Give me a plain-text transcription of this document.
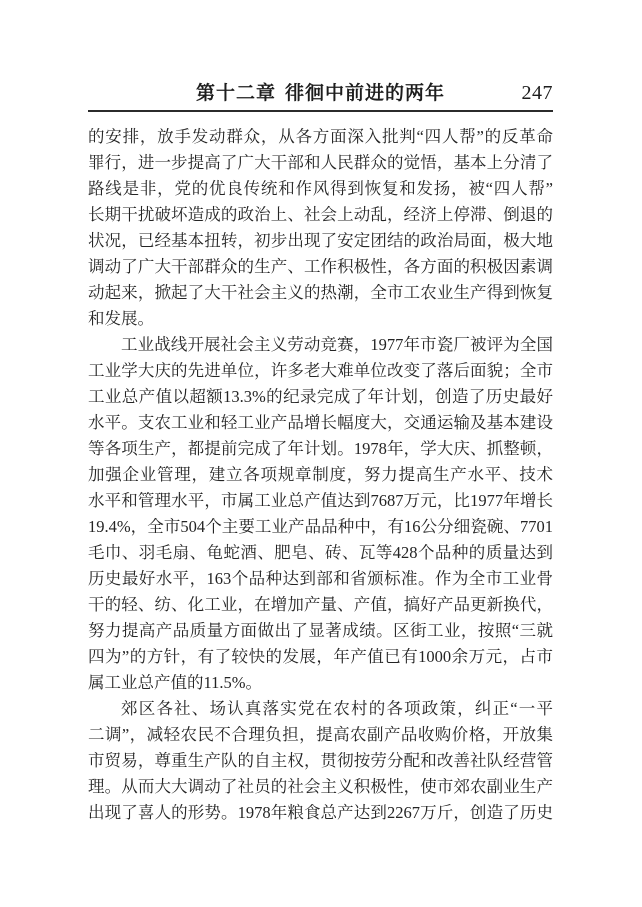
第十二章 徘徊中前进的两年	247
的安排，放手发动群众，从各方面深入批判“四人帮”的反革命
罪行，进一步提高了广大干部和人民群众的觉悟，基本上分清了
路线是非，党的优良传统和作风得到恢复和发扬，被“四人帮”
长期干扰破坏造成的政治上、社会上动乱，经济上停滞、倒退的
状况，已经基本扭转，初步出现了安定团结的政治局面，极大地
调动了广大干部群众的生产、工作积极性，各方面的积极因素调
动起来，掀起了大干社会主义的热潮，全市工农业生产得到恢复
和发展。
工业战线开展社会主义劳动竞赛，1977年市瓷厂被评为全国
工业学大庆的先进单位，许多老大难单位改变了落后面貌；全市
工业总产值以超额13.3%的纪录完成了年计划，创造了历史最好
水平。支农工业和轻工业产品增长幅度大，交通运输及基本建设
等各项生产，都提前完成了年计划。1978年，学大庆、抓整顿，
加强企业管理，建立各项规章制度，努力提高生产水平、技术
水平和管理水平，市属工业总产值达到7687万元，比1977年增长
19.4%，全市504个主要工业产品品种中，有16公分细瓷碗、7701
毛巾、羽毛扇、龟蛇酒、肥皂、砖、瓦等428个品种的质量达到
历史最好水平，163个品种达到部和省颁标准。作为全市工业骨
干的轻、纺、化工业，在增加产量、产值，搞好产品更新换代，
努力提高产品质量方面做出了显著成绩。区街工业，按照“三就
四为”的方针，有了较快的发展，年产值已有1000余万元，占市
属工业总产值的11.5%。
郊区各社、场认真落实党在农村的各项政策，纠正“一平
二调”，减轻农民不合理负担，提高农副产品收购价格，开放集
市贸易，尊重生产队的自主权，贯彻按劳分配和改善社队经营管
理。从而大大调动了社员的社会主义积极性，使市郊农副业生产
出现了喜人的形势。1978年粮食总产达到2267万斤，创造了历史
